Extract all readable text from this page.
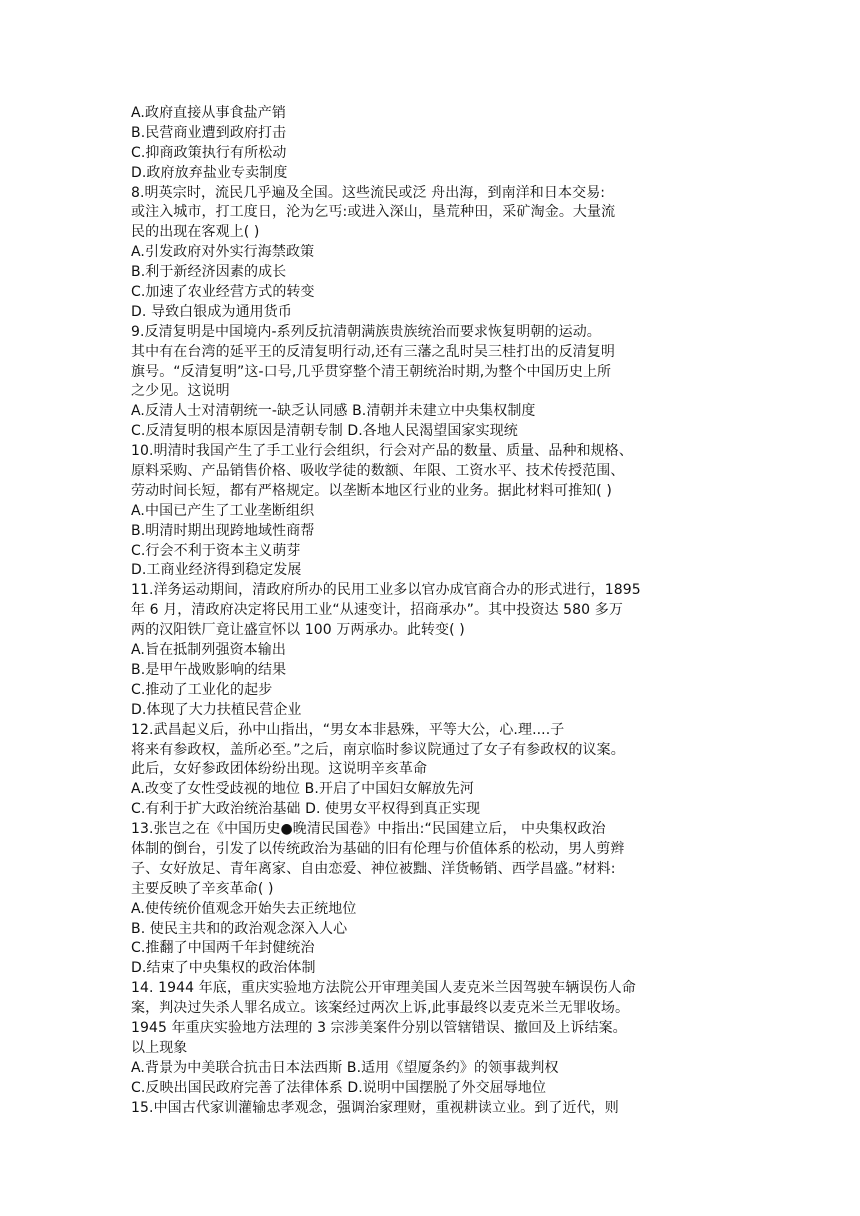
A.政府直接从事食盐产销
B.民营商业遭到政府打击
C.抑商政策执行有所松动
D.政府放弃盐业专卖制度
8.明英宗时，流民几乎遍及全国。这些流民或泛 舟出海，到南洋和日本交易:
或注入城市，打工度日，沦为乞丐:或进入深山，垦荒种田，采矿淘金。大量流
民的出现在客观上( )
A.引发政府对外实行海禁政策
B.利于新经济因素的成长
C.加速了农业经营方式的转变
D. 导致白银成为通用货币
9.反清复明是中国境内-系列反抗清朝满族贵族统治而要求恢复明朝的运动。
其中有在台湾的延平王的反清复明行动,还有三藩之乱时吴三桂打出的反清复明
旗号。“反清复明”这-口号,几乎贯穿整个清王朝统治时期,为整个中国历史上所
之少见。这说明
A.反清人士对清朝统一-缺乏认同感 B.清朝并未建立中央集权制度
C.反清复明的根本原因是清朝专制 D.各地人民渴望国家实现统
10.明清时我国产生了手工业行会组织，行会对产品的数量、质量、品种和规格、
原料采购、产品销售价格、吸收学徒的数额、年限、工资水平、技术传授范围、
劳动时间长短，都有严格规定。以垄断本地区行业的业务。据此材料可推知( )
A.中国已产生了工业垄断组织
B.明清时期出现跨地域性商帮
C.行会不利于资本主义萌芽
D.工商业经济得到稳定发展
11.洋务运动期间，清政府所办的民用工业多以官办成官商合办的形式进行，1895
年 6 月，清政府决定将民用工业“从速变计，招商承办”。其中投资达 580 多万
两的汉阳铁厂竟让盛宣怀以 100 万两承办。此转变( )
A.旨在抵制列强资本输出
B.是甲午战败影响的结果
C.推动了工业化的起步
D.体现了大力扶植民营企业
12.武昌起义后，孙中山指出，“男女本非悬殊，平等大公，心.理....子
将来有参政权，盖所必至。”之后，南京临时参议院通过了女子有参政权的议案。
此后，女好参政团体纷纷出现。这说明辛亥革命
A.改变了女性受歧视的地位 B.开启了中国妇女解放先河
C.有利于扩大政治统治基础 D. 使男女平权得到真正实现
13.张岂之在《中国历史●晚清民国卷》中指出:“民国建立后， 中央集权政治
体制的倒台，引发了以传统政治为基础的旧有伦理与价值体系的松动，男人剪辫
子、女好放足、青年离家、自由恋爱、神位被黜、洋货畅销、西学昌盛。”材料:
主要反映了辛亥革命( )
A.使传统价值观念开始失去正统地位
B. 使民主共和的政治观念深入人心
C.推翻了中国两千年封健统治
D.结束了中央集权的政治体制
14. 1944 年底，重庆实验地方法院公开审理美国人麦克米兰因驾驶车辆误伤人命
案，判决过失杀人罪名成立。该案经过两次上诉,此事最终以麦克米兰无罪收场。
1945 年重庆实验地方法理的 3 宗涉美案件分别以管辖错误、撤回及上诉结案。
以上现象
A.背景为中美联合抗击日本法西斯 B.适用《望厦条约》的领事裁判权
C.反映出国民政府完善了法律体系 D.说明中国摆脱了外交屈辱地位
15.中国古代家训灌输忠孝观念，强调治家理财，重视耕读立业。到了近代，则
